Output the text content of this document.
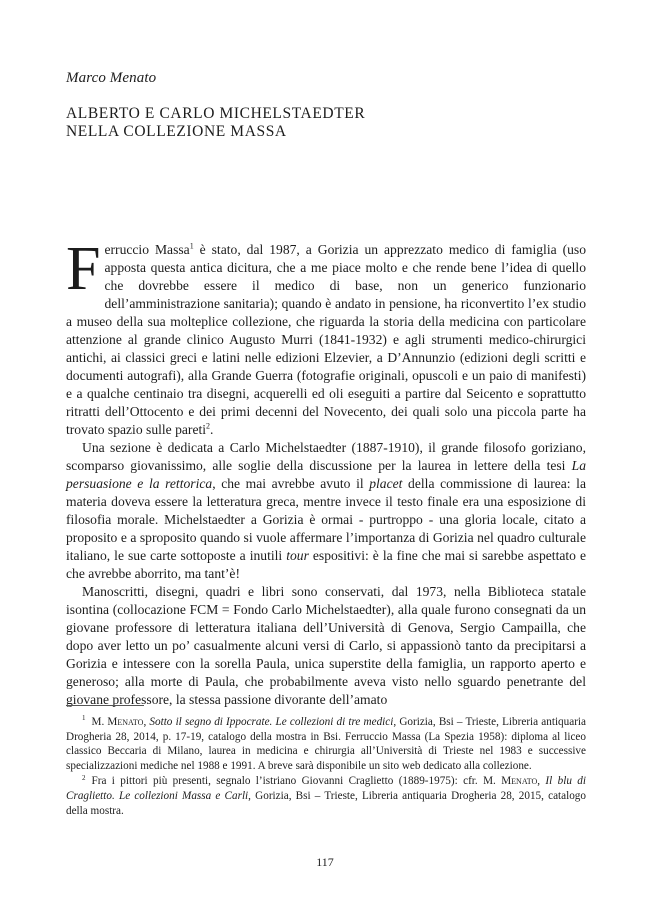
Marco Menato
ALBERTO E CARLO MICHELSTAEDTER
NELLA COLLEZIONE MASSA

Ferruccio Massa$^1$ è stato, dal 1987, a Gorizia un apprezzato medico di famiglia (uso apposta questa antica dicitura, che a me piace molto e che rende bene l’idea di quello che dovrebbe essere il medico di base, non un generico funzionario dell’amministrazione sanitaria); quando è andato in pensione, ha riconvertito l’ex studio a museo della sua molteplice collezione, che riguarda la storia della medicina con particolare attenzione al grande clinico Augusto Murri (1841-1932) e agli strumenti medico-chirurgici antichi, ai classici greci e latini nelle edizioni Elzevier, a D’Annunzio (edizioni degli scritti e documenti autografi), alla Grande Guerra (fotografie originali, opuscoli e un paio di manifesti) e a qualche centinaio tra disegni, acquerelli ed oli eseguiti a partire dal Seicento e soprattutto ritratti dell’Ottocento e dei primi decenni del Novecento, dei quali solo una piccola parte ha trovato spazio sulle pareti$^2$.

Una sezione è dedicata a Carlo Michelstaedter (1887-1910), il grande filosofo goriziano, scomparso giovanissimo, alle soglie della discussione per la laurea in lettere della tesi La persuasione e la rettorica, che mai avrebbe avuto il placet della commissione di laurea: la materia doveva essere la letteratura greca, mentre invece il testo finale era una esposizione di filosofia morale. Michelstaedter a Gorizia è ormai - purtroppo - una gloria locale, citato a proposito e a sproposito quando si vuole affermare l’importanza di Gorizia nel quadro culturale italiano, le sue carte sottoposte a inutili tour espositivi: è la fine che mai si sarebbe aspettato e che avrebbe aborrito, ma tant’è!

Manoscritti, disegni, quadri e libri sono conservati, dal 1973, nella Biblioteca statale isontina (collocazione FCM = Fondo Carlo Michelstaedter), alla quale furono consegnati da un giovane professore di letteratura italiana dell’Università di Genova, Sergio Campailla, che dopo aver letto un po’ casualmente alcuni versi di Carlo, si appassionò tanto da precipitarsi a Gorizia e intessere con la sorella Paula, unica superstite della famiglia, un rapporto aperto e generoso; alla morte di Paula, che probabilmente aveva visto nello sguardo penetrante del giovane professore, la stessa passione divorante dell’amato

$^1$ M. Menato, Sotto il segno di Ippocrate. Le collezioni di tre medici, Gorizia, Bsi – Trieste, Libreria antiquaria Drogheria 28, 2014, p. 17-19, catalogo della mostra in Bsi. Ferruccio Massa (La Spezia 1958): diploma al liceo classico Beccaria di Milano, laurea in medicina e chirurgia all’Università di Trieste nel 1983 e successive specializzazioni mediche nel 1988 e 1991. A breve sarà disponibile un sito web dedicato alla collezione.

$^2$ Fra i pittori più presenti, segnalo l’istriano Giovanni Craglietto (1889-1975): cfr. M. Menato, Il blu di Craglietto. Le collezioni Massa e Carli, Gorizia, Bsi – Trieste, Libreria antiquaria Drogheria 28, 2015, catalogo della mostra.

117
